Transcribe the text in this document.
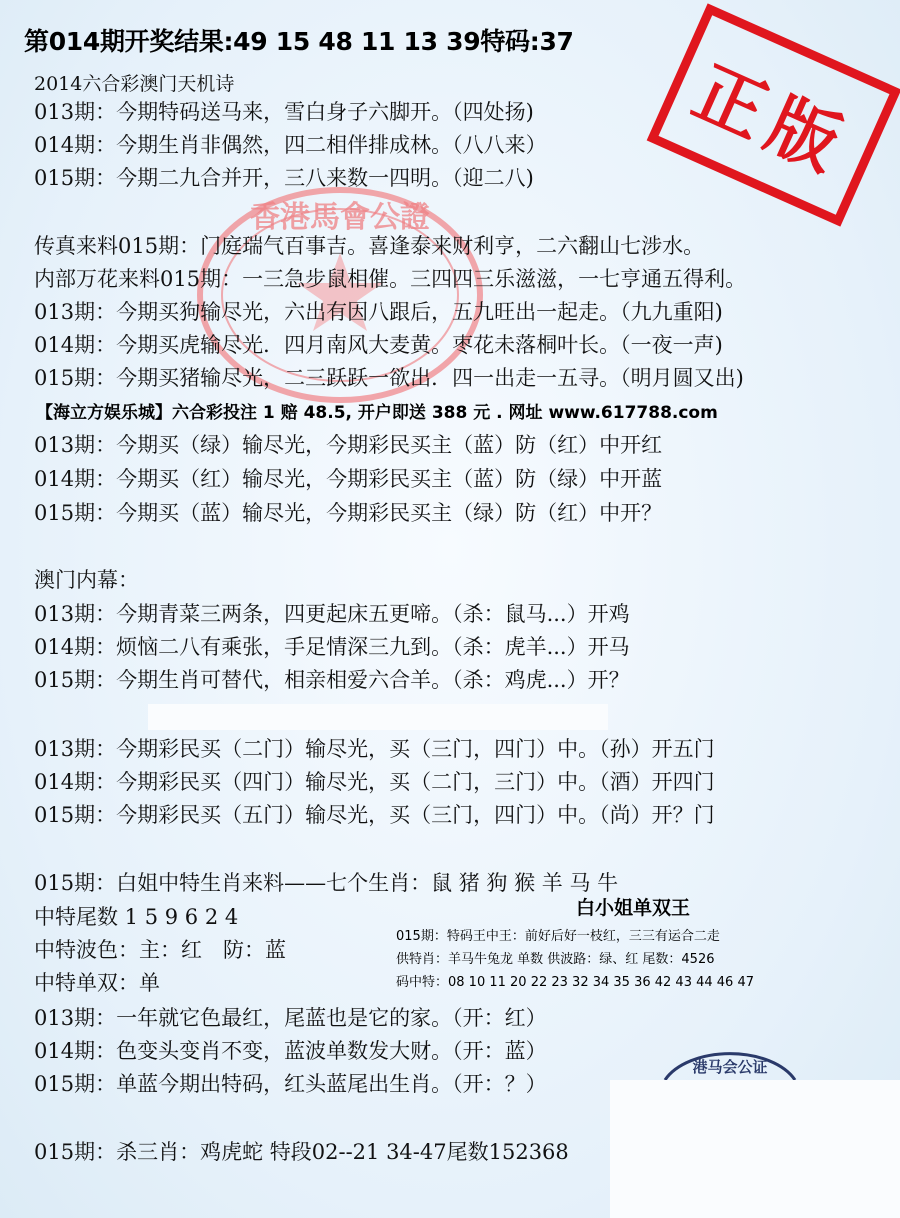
香港馬會公證
正版
第014期开奖结果:49 15 48 11 13 39特码:37
2014六合彩澳门天机诗
013期：今期特码送马来，雪白身子六脚开。（四处扬)
014期：今期生肖非偶然，四二相伴排成林。（八八来）
015期：今期二九合并开，三八来数一四明。（迎二八)
传真来料015期：门庭瑞气百事吉。喜逢泰来财利亨，二六翻山七涉水。
内部万花来料015期：一三急步鼠相催。三四四三乐滋滋，一七亨通五得利。
013期：今期买狗输尽光，六出有因八跟后，五九旺出一起走。（九九重阳)
014期：今期买虎输尽光．四月南风大麦黄。枣花未落桐叶长。（一夜一声)
015期：今期买猪输尽光，二三跃跃一欲出．四一出走一五寻。（明月圆又出)
【海立方娱乐城】六合彩投注 1 赔 48.5, 开户即送 388 元 . 网址 www.617788.com
013期：今期买（绿）输尽光，今期彩民买主（蓝）防（红）中开红
014期：今期买（红）输尽光，今期彩民买主（蓝）防（绿）中开蓝
015期：今期买（蓝）输尽光，今期彩民买主（绿）防（红）中开？
澳门内幕：
013期：今期青菜三两条，四更起床五更啼。（杀：鼠马...）开鸡
014期：烦恼二八有乘张，手足情深三九到。（杀：虎羊...）开马
015期：今期生肖可替代，相亲相爱六合羊。（杀：鸡虎...）开？
013期：今期彩民买（二门）输尽光，买（三门，四门）中。（孙）开五门
014期：今期彩民买（四门）输尽光，买（二门，三门）中。（酒）开四门
015期：今期彩民买（五门）输尽光，买（三门，四门）中。（尚）开？门
015期：白姐中特生肖来料——七个生肖：鼠 猪 狗 猴 羊 马 牛
中特尾数 1 5 9 6 2 4
中特波色：主：红　防：蓝
中特单双：单
白小姐单双王
015期：特码王中王：前好后好一枝红，三三有运合二走
供特肖：羊马牛兔龙 单数 供波路：绿、红 尾数：4526
码中特：08 10 11 20 22 23 32 34 35 36 42 43 44 46 47
013期：一年就它色最红，尾蓝也是它的家。（开：红）
014期：色变头变肖不变，蓝波单数发大财。（开：蓝）
015期：单蓝今期出特码，红头蓝尾出生肖。（开：？）
港马会公证
015期：杀三肖：鸡虎蛇 特段02--21 34-47尾数152368
